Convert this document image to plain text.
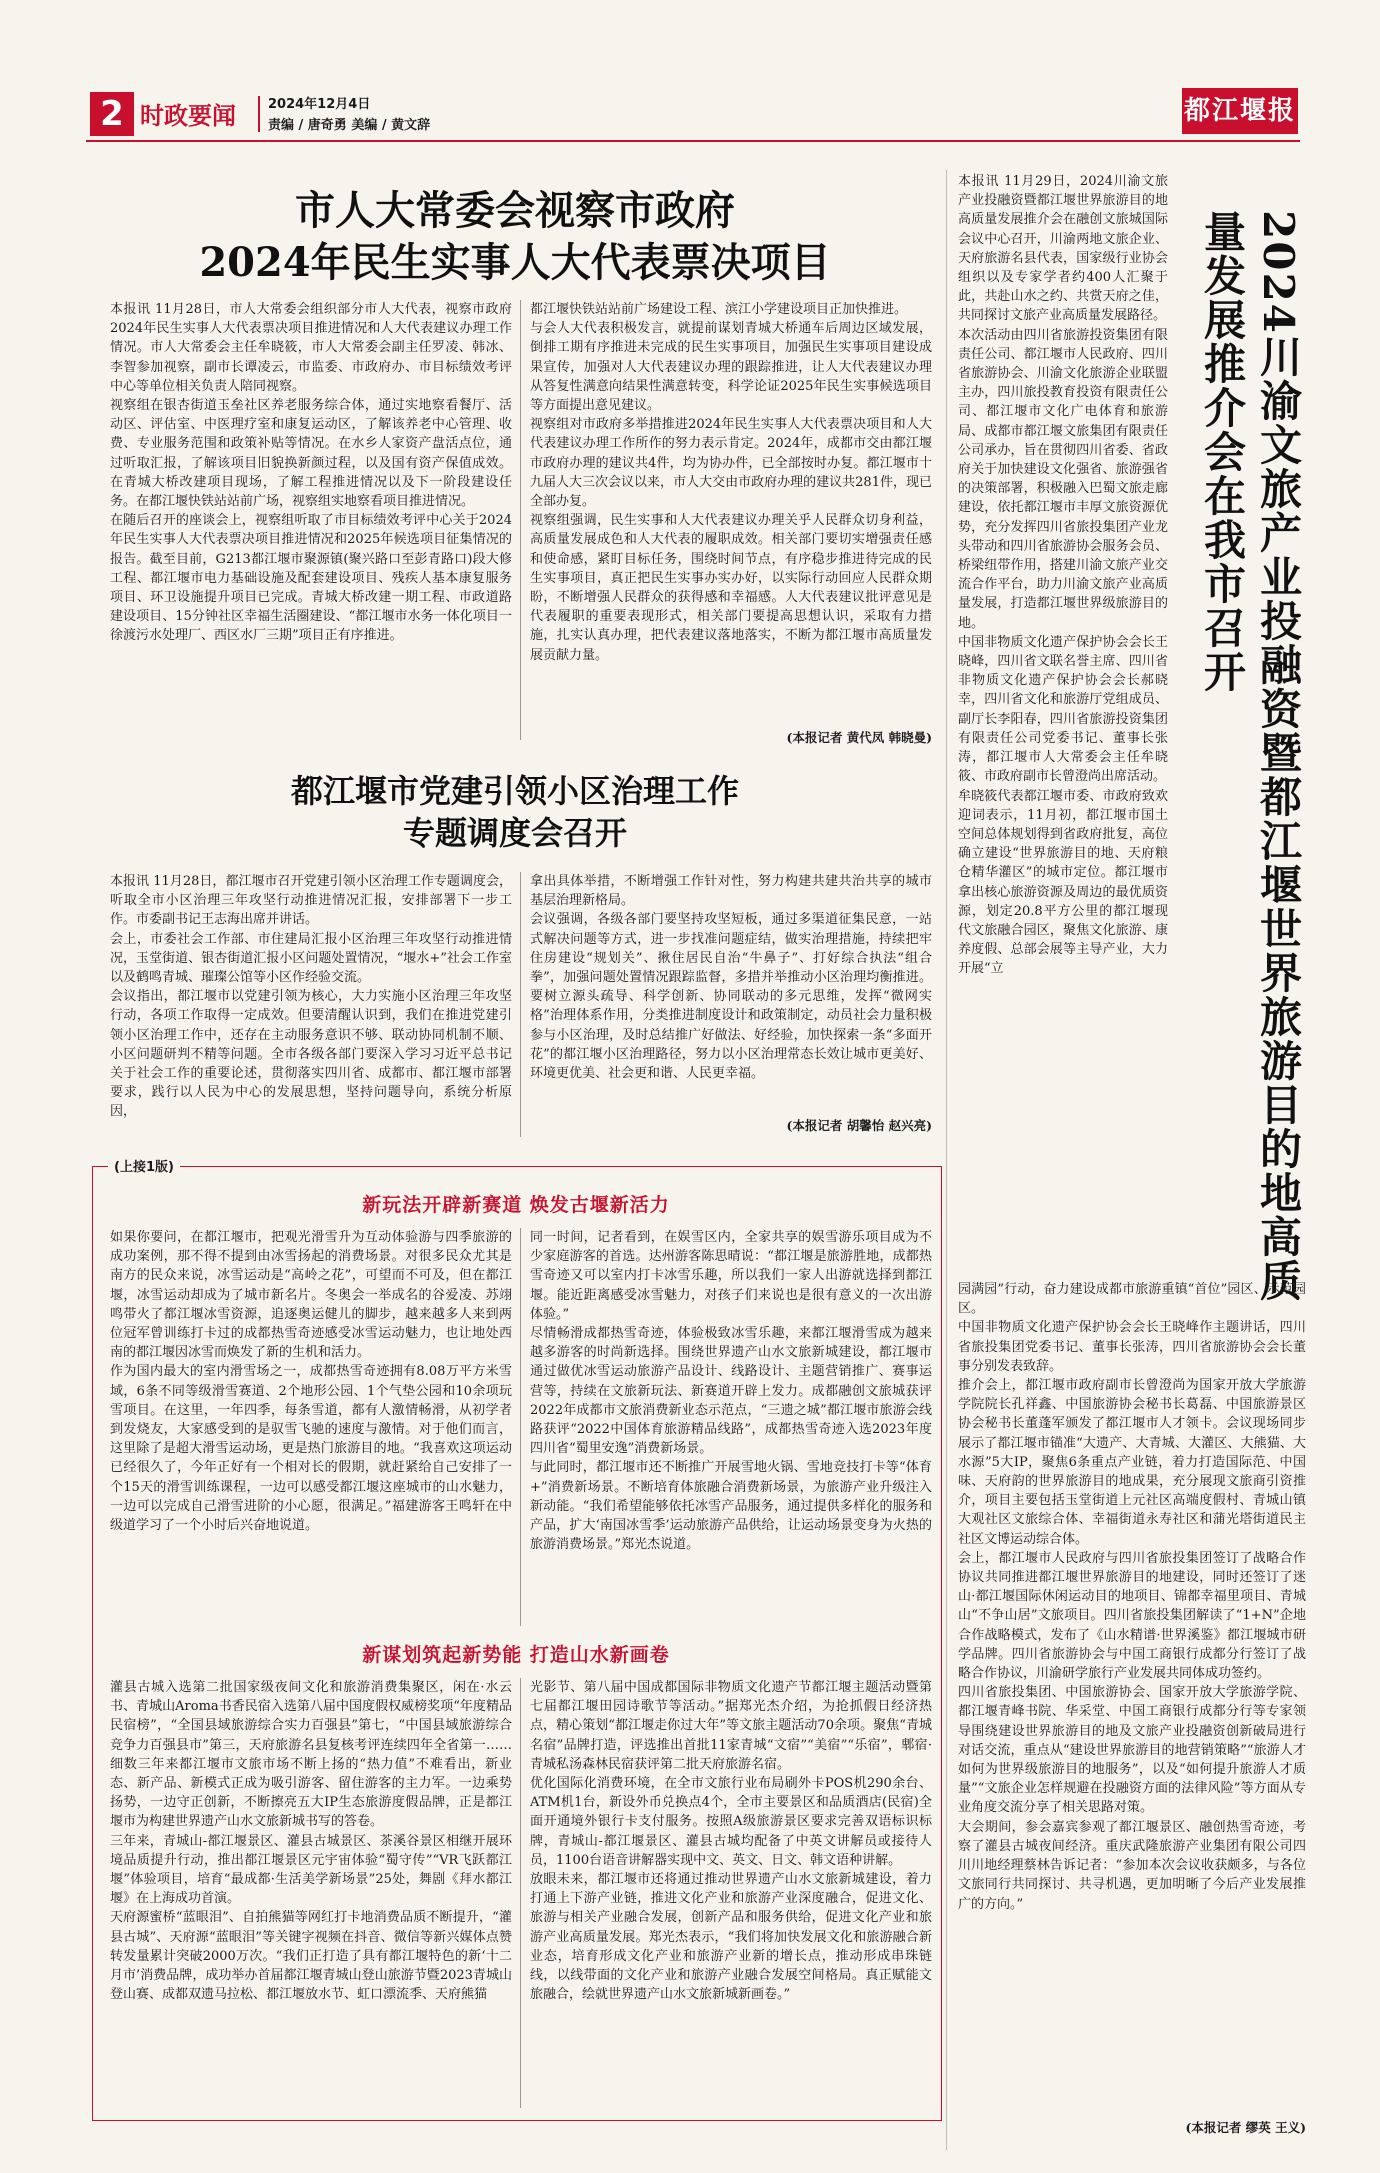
2 时政要闻 2024年12月4日
责编 / 唐奇勇 美编 / 黄文辞	都江堰报
市人大常委会视察市政府
2024年民生实事人大代表票决项目
本报讯 11月28日，市人大常委会组织部分市人大代表，视察市政府2024年民生实事人大代表票决项目推进情况和人大代表建议办理工作情况。市人大常委会主任牟晓筱，市人大常委会副主任罗凌、韩冰、李智参加视察，副市长谭凌云，市监委、市政府办、市目标绩效考评中心等单位相关负责人陪同视察。
视察组在银杏街道玉垒社区养老服务综合体，通过实地察看餐厅、活动区、评估室、中医理疗室和康复运动区，了解该养老中心管理、收费、专业服务范围和政策补贴等情况。在水乡人家资产盘活点位，通过听取汇报，了解该项目旧貌换新颜过程，以及国有资产保值成效。在青城大桥改建项目现场，了解工程推进情况以及下一阶段建设任务。在都江堰快铁站站前广场，视察组实地察看项目推进情况。
在随后召开的座谈会上，视察组听取了市目标绩效考评中心关于2024年民生实事人大代表票决项目推进情况和2025年候选项目征集情况的报告。截至目前，G213都江堰市聚源镇(聚兴路口至彭青路口)段大修工程、都江堰市电力基础设施及配套建设项目、残疾人基本康复服务项目、环卫设施提升项目已完成。青城大桥改建一期工程、市政道路建设项目、15分钟社区幸福生活圈建设、“都江堰市水务一体化项目一徐渡污水处理厂、西区水厂三期”项目正有序推进。
都江堰快铁站站前广场建设工程、滨江小学建设项目正加快推进。
与会人大代表积极发言，就提前谋划青城大桥通车后周边区域发展，倒排工期有序推进未完成的民生实事项目，加强民生实事项目建设成果宣传，加强对人大代表建议办理的跟踪推进，让人大代表建议办理从答复性满意向结果性满意转变，科学论证2025年民生实事候选项目等方面提出意见建议。
视察组对市政府多举措推进2024年民生实事人大代表票决项目和人大代表建议办理工作所作的努力表示肯定。2024年，成都市交由都江堰市政府办理的建议共4件，均为协办件，已全部按时办复。都江堰市十九届人大三次会议以来，市人大交由市政府办理的建议共281件，现已全部办复。
视察组强调，民生实事和人大代表建议办理关乎人民群众切身利益，高质量发展成色和人大代表的履职成效。相关部门要切实增强责任感和使命感，紧盯目标任务，围绕时间节点，有序稳步推进待完成的民生实事项目，真正把民生实事办实办好，以实际行动回应人民群众期盼，不断增强人民群众的获得感和幸福感。人大代表建议批评意见是代表履职的重要表现形式，相关部门要提高思想认识，采取有力措施，扎实认真办理，把代表建议落地落实，不断为都江堰市高质量发展贡献力量。
(本报记者 黄代凤 韩晓曼)
都江堰市党建引领小区治理工作
专题调度会召开
本报讯 11月28日，都江堰市召开党建引领小区治理工作专题调度会，听取全市小区治理三年攻坚行动推进情况汇报，安排部署下一步工作。市委副书记王志海出席并讲话。
会上，市委社会工作部、市住建局汇报小区治理三年攻坚行动推进情况，玉堂街道、银杏街道汇报小区问题处置情况，“堰水+”社会工作室以及鹤鸣青城、璀璨公馆等小区作经验交流。
会议指出，都江堰市以党建引领为核心，大力实施小区治理三年攻坚行动，各项工作取得一定成效。但要清醒认识到，我们在推进党建引领小区治理工作中，还存在主动服务意识不够、联动协同机制不顺、小区问题研判不精等问题。全市各级各部门要深入学习习近平总书记关于社会工作的重要论述，贯彻落实四川省、成都市、都江堰市部署要求，践行以人民为中心的发展思想，坚持问题导向，系统分析原因，
拿出具体举措，不断增强工作针对性，努力构建共建共治共享的城市基层治理新格局。
会议强调，各级各部门要坚持攻坚短板，通过多渠道征集民意，一站式解决问题等方式，进一步找准问题症结，做实治理措施，持续把牢住房建设“规划关”、揪住居民自治“牛鼻子”、打好综合执法“组合拳”，加强问题处置情况跟踪监督，多措并举推动小区治理均衡推进。要树立源头疏导、科学创新、协同联动的多元思维，发挥“微网实格”治理体系作用，分类推进制度设计和政策制定，动员社会力量积极参与小区治理，及时总结推广好做法、好经验，加快探索一条“多面开花”的都江堰小区治理路径，努力以小区治理常态长效让城市更美好、环境更优美、社会更和谐、人民更幸福。
(本报记者 胡馨怡 赵兴亮)
(上接1版)
新玩法开辟新赛道 焕发古堰新活力
如果你要问，在都江堰市，把观光滑雪升为互动体验游与四季旅游的成功案例，那不得不提到由冰雪扬起的消费场景。对很多民众尤其是南方的民众来说，冰雪运动是“高岭之花”，可望而不可及，但在都江堰，冰雪运动却成为了城市新名片。冬奥会一举成名的谷爱凌、苏翊鸣带火了都江堰冰雪资源，追逐奥运健儿的脚步，越来越多人来到两位冠军曾训练打卡过的成都热雪奇迹感受冰雪运动魅力，也让地处西南的都江堰因冰雪而焕发了新的生机和活力。
作为国内最大的室内滑雪场之一，成都热雪奇迹拥有8.08万平方米雪域，6条不同等级滑雪赛道、2个地形公园、1个气垫公园和10余项玩雪项目。在这里，一年四季，每条雪道，都有人激情畅滑，从初学者到发烧友，大家感受到的是驭雪飞驰的速度与激情。对于他们而言，这里除了是超大滑雪运动场，更是热门旅游目的地。“我喜欢这项运动已经很久了，今年正好有一个相对长的假期，就赶紧给自己安排了一个15天的滑雪训练课程，一边可以感受都江堰这座城市的山水魅力，一边可以完成自己滑雪进阶的小心愿，很满足。”福建游客王鸣轩在中级道学习了一个小时后兴奋地说道。
同一时间，记者看到，在娱雪区内，全家共享的娱雪游乐项目成为不少家庭游客的首选。达州游客陈思晴说：“都江堰是旅游胜地，成都热雪奇迹又可以室内打卡冰雪乐趣，所以我们一家人出游就选择到都江堰。能近距离感受冰雪魅力，对孩子们来说也是很有意义的一次出游体验。”
尽情畅滑成都热雪奇迹，体验极致冰雪乐趣，来都江堰滑雪成为越来越多游客的时尚新选择。围绕世界遗产山水文旅新城建设，都江堰市通过做优冰雪运动旅游产品设计、线路设计、主题营销推广、赛事运营等，持续在文旅新玩法、新赛道开辟上发力。成都融创文旅城获评2022年成都市文旅消费新业态示范点，“三遗之城”都江堰市旅游会线路获评“2022中国体育旅游精品线路”，成都热雪奇迹入选2023年度四川省“蜀里安逸”消费新场景。
与此同时，都江堰市还不断推广开展雪地火锅、雪地竞技打卡等“体育+”消费新场景。不断培育体旅融合消费新场景，为旅游产业升级注入新动能。“我们希望能够依托冰雪产品服务，通过提供多样化的服务和产品，扩大‘南国冰雪季’运动旅游产品供给，让运动场景变身为火热的旅游消费场景。”郑光杰说道。
新谋划筑起新势能 打造山水新画卷
灌县古城入选第二批国家级夜间文化和旅游消费集聚区，闲在·水云书、青城山Aroma书香民宿入选第八届中国度假权威榜奖项“年度精品民宿榜”，“全国县域旅游综合实力百强县”第七，“中国县域旅游综合竞争力百强县市”第三，天府旅游名县复核考评连续四年全省第一……细数三年来都江堰市文旅市场不断上扬的“热力值”不难看出，新业态、新产品、新模式正成为吸引游客、留住游客的主力军。一边乘势扬势，一边守正创新，不断擦亮五大IP生态旅游度假品牌，正是都江堰市为构建世界遗产山水文旅新城书写的答卷。
三年来，青城山-都江堰景区、灌县古城景区、茶溪谷景区相继开展环境品质提升行动，推出都江堰景区元宇宙体验“蜀守传”“VR飞跃都江堰”体验项目，培育“最成都·生活美学新场景”25处，舞剧《拜水都江堰》在上海成功首演。
天府源蜜桥“蓝眼泪”、自拍熊猫等网红打卡地消费品质不断提升，“灌县古城”、天府源“蓝眼泪”等关键字视频在抖音、微信等新兴媒体点赞转发量累计突破2000万次。“我们正打造了具有都江堰特色的新‘十二月市’消费品牌，成功举办首届都江堰青城山登山旅游节暨2023青城山登山赛、成都双遗马拉松、都江堰放水节、虹口漂流季、天府熊猫
光影节、第八届中国成都国际非物质文化遗产节都江堰主题活动暨第七届都江堰田园诗歌节等活动。”据郑光杰介绍，为抢抓假日经济热点，精心策划“都江堰走你过大年”等文旅主题活动70余项。聚焦“青城名宿”品牌打造，评选推出首批11家青城“文宿”“美宿”“乐宿”，郫宿·青城私汤森林民宿获评第二批天府旅游名宿。
优化国际化消费环境，在全市文旅行业布局刷外卡POS机290余台、ATM机1台，新设外币兑换点4个，全市主要景区和品质酒店(民宿)全面开通境外银行卡支付服务。按照A级旅游景区要求完善双语标识标牌，青城山-都江堰景区、灌县古城均配备了中英文讲解员或接待人员，1100台语音讲解器实现中文、英文、日文、韩文语种讲解。
放眼未来，都江堰市还将通过推动世界遗产山水文旅新城建设，着力打通上下游产业链，推进文化产业和旅游产业深度融合，促进文化、旅游与相关产业融合发展，创新产品和服务供给，促进文化产业和旅游产业高质量发展。郑光杰表示，“我们将加快发展文化和旅游融合新业态，培育形成文化产业和旅游产业新的增长点，推动形成串珠链线，以线带面的文化产业和旅游产业融合发展空间格局。真正赋能文旅融合，绘就世界遗产山水文旅新城新画卷。”
2024川渝文旅产业投融资暨都江堰世界旅游目的地高质量发展推介会在我市召开
本报讯 11月29日，2024川渝文旅产业投融资暨都江堰世界旅游目的地高质量发展推介会在融创文旅城国际会议中心召开，川渝两地文旅企业、天府旅游名县代表，国家级行业协会组织以及专家学者约400人汇聚于此，共赴山水之约、共赏天府之佳，共同探讨文旅产业高质量发展路径。
本次活动由四川省旅游投资集团有限责任公司、都江堰市人民政府、四川省旅游协会、川渝文化旅游企业联盟主办，四川旅投教育投资有限责任公司、都江堰市文化广电体育和旅游局、成都市都江堰文旅集团有限责任公司承办，旨在贯彻四川省委、省政府关于加快建设文化强省、旅游强省的决策部署，积极融入巴蜀文旅走廊建设，依托都江堰市丰厚文旅资源优势，充分发挥四川省旅投集团产业龙头带动和四川省旅游协会服务会员、桥梁纽带作用，搭建川渝文旅产业交流合作平台，助力川渝文旅产业高质量发展，打造都江堰世界级旅游目的地。
中国非物质文化遗产保护协会会长王晓峰，四川省文联名誉主席、四川省非物质文化遗产保护协会会长郝晓幸，四川省文化和旅游厅党组成员、副厅长李阳春，四川省旅游投资集团有限责任公司党委书记、董事长张涛，都江堰市人大常委会主任牟晓筱、市政府副市长曾澄尚出席活动。
牟晓筱代表都江堰市委、市政府致欢迎词表示，11月初，都江堰市国土空间总体规划得到省政府批复，高位确立建设“世界旅游目的地、天府粮仓精华灌区”的城市定位。都江堰市拿出核心旅游资源及周边的最优质资源，划定20.8平方公里的都江堰现代文旅融合园区，聚焦文化旅游、康养度假、总部会展等主导产业，大力开展“立
园满园”行动，奋力建设成都市旅游重镇“首位”园区、示范园区。
中国非物质文化遗产保护协会会长王晓峰作主题讲话，四川省旅投集团党委书记、董事长张涛，四川省旅游协会会长董事分别发表致辞。
推介会上，都江堰市政府副市长曾澄尚为国家开放大学旅游学院院长孔祥鑫、中国旅游协会秘书长葛磊、中国旅游景区协会秘书长董蓬军颁发了都江堰市人才领卡。会议现场同步展示了都江堰市锚准“大遗产、大青城、大灌区、大熊猫、大水源”5大IP，聚焦6条重点产业链，着力打造国际范、中国味、天府韵的世界旅游目的地成果，充分展现文旅商引资推介，项目主要包括玉堂街道上元社区高端度假村、青城山镇大观社区文旅综合体、幸福街道永寿社区和蒲光塔街道民主社区文博运动综合体。
会上，都江堰市人民政府与四川省旅投集团签订了战略合作协议共同推进都江堰世界旅游目的地建设，同时还签订了迷山·都江堰国际休闲运动目的地项目、锦都幸福里项目、青城山“不争山居”文旅项目。四川省旅投集团解读了“1+N”企地合作战略模式，发布了《山水精谱·世界溪鉴》都江堰城市研学品牌。四川省旅游协会与中国工商银行成都分行签订了战略合作协议，川渝研学旅行产业发展共同体成功签约。
四川省旅投集团、中国旅游协会、国家开放大学旅游学院、都江堰青峰书院、华采堂、中国工商银行成都分行等专家领导围绕建设世界旅游目的地及文旅产业投融资创新破局进行对话交流，重点从“建设世界旅游目的地营销策略”“旅游人才如何为世界级旅游目的地服务”，以及“如何提升旅游人才质量”“文旅企业怎样规避在投融资方面的法律风险”等方面从专业角度交流分享了相关思路对策。
大会期间，参会嘉宾参观了都江堰景区、融创热雪奇迹，考察了灌县古城夜间经济。重庆武隆旅游产业集团有限公司四川川地经理蔡林告诉记者：“参加本次会议收获颇多，与各位文旅同行共同探讨、共寻机遇，更加明晰了今后产业发展推广的方向。”
(本报记者 缪英 王义)
